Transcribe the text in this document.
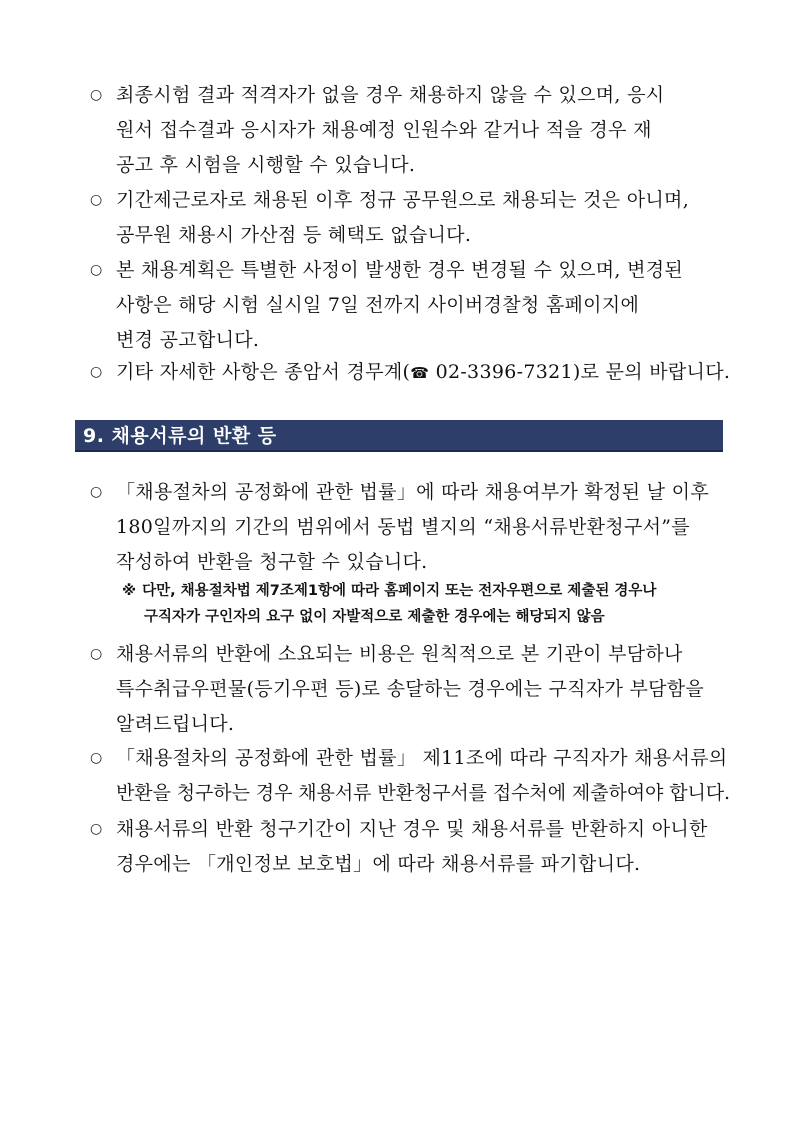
○ 최종시험 결과 적격자가 없을 경우 채용하지 않을 수 있으며, 응시
원서 접수결과 응시자가 채용예정 인원수와 같거나 적을 경우 재
공고 후 시험을 시행할 수 있습니다.
○ 기간제근로자로 채용된 이후 정규 공무원으로 채용되는 것은 아니며,
공무원 채용시 가산점 등 혜택도 없습니다.
○ 본 채용계획은 특별한 사정이 발생한 경우 변경될 수 있으며, 변경된
사항은 해당 시험 실시일 7일 전까지 사이버경찰청 홈페이지에
변경 공고합니다.
○ 기타 자세한 사항은 종암서 경무계(☎ 02-3396-7321)로 문의 바랍니다.
9. 채용서류의 반환 등
○ 「채용절차의 공정화에 관한 법률」에 따라 채용여부가 확정된 날 이후
180일까지의 기간의 범위에서 동법 별지의 “채용서류반환청구서”를
작성하여 반환을 청구할 수 있습니다.
※ 다만, 채용절차법 제7조제1항에 따라 홈페이지 또는 전자우편으로 제출된 경우나
구직자가 구인자의 요구 없이 자발적으로 제출한 경우에는 해당되지 않음
○ 채용서류의 반환에 소요되는 비용은 원칙적으로 본 기관이 부담하나
특수취급우편물(등기우편 등)로 송달하는 경우에는 구직자가 부담함을
알려드립니다.
○ 「채용절차의 공정화에 관한 법률」 제11조에 따라 구직자가 채용서류의
반환을 청구하는 경우 채용서류 반환청구서를 접수처에 제출하여야 합니다.
○ 채용서류의 반환 청구기간이 지난 경우 및 채용서류를 반환하지 아니한
경우에는 「개인정보 보호법」에 따라 채용서류를 파기합니다.
